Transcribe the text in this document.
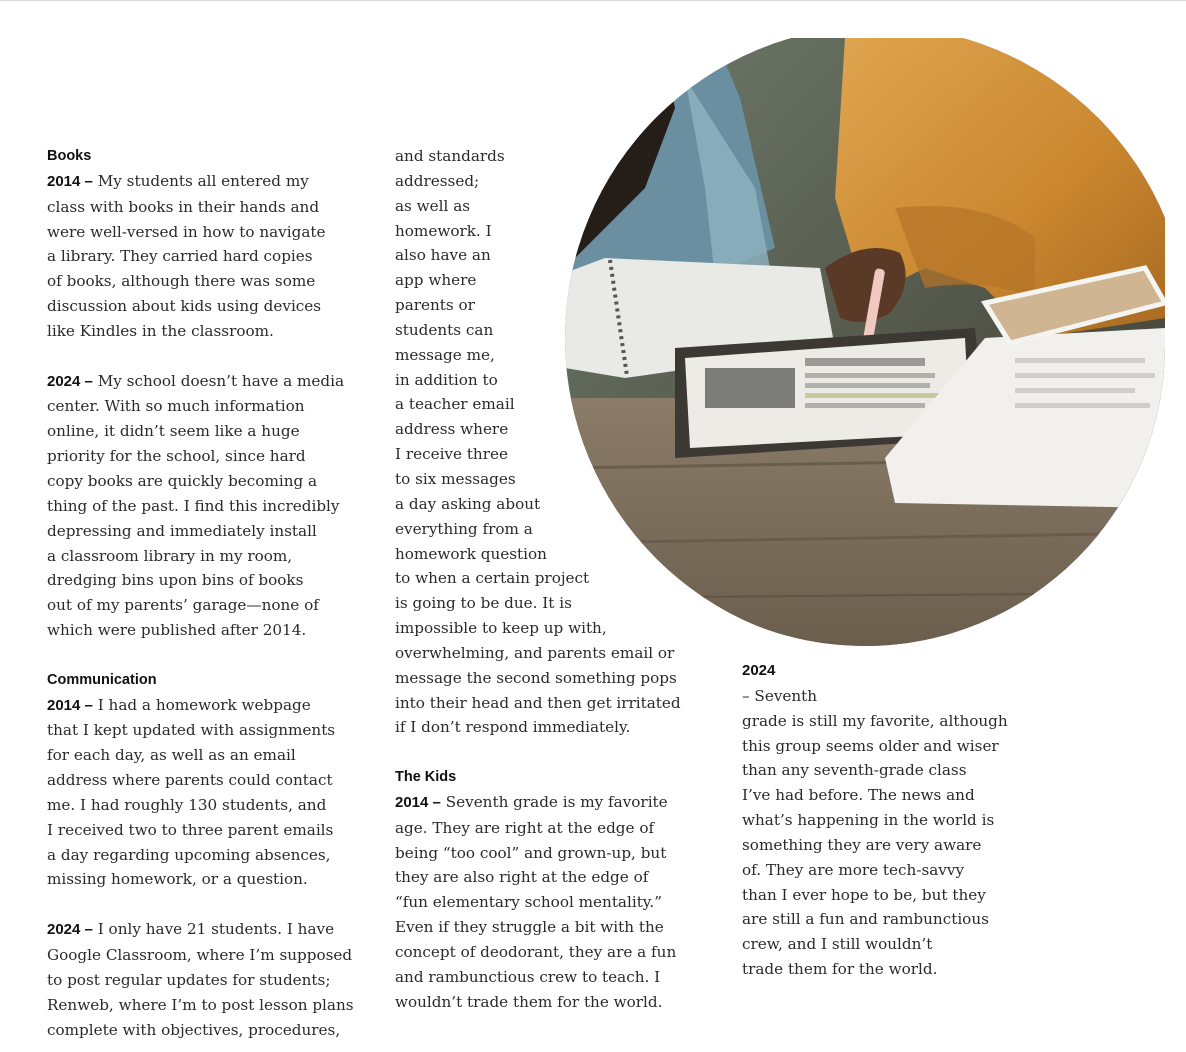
Books

2014 – My students all entered my
class with books in their hands and
were well-versed in how to navigate
a library. They carried hard copies
of books, although there was some
discussion about kids using devices
like Kindles in the classroom.

2024 – My school doesn’t have a media
center. With so much information
online, it didn’t seem like a huge
priority for the school, since hard
copy books are quickly becoming a
thing of the past. I find this incredibly
depressing and immediately install
a classroom library in my room,
dredging bins upon bins of books
out of my parents’ garage—none of
which were published after 2014.

Communication

2014 – I had a homework webpage
that I kept updated with assignments
for each day, as well as an email
address where parents could contact
me. I had roughly 130 students, and
I received two to three parent emails
a day regarding upcoming absences,
missing homework, or a question.

2024 – I only have 21 students. I have
Google Classroom, where I’m supposed
to post regular updates for students;
Renweb, where I’m to post lesson plans
complete with objectives, procedures,

and standards
addressed;
as well as
homework. I
also have an
app where
parents or
students can
message me,
in addition to
a teacher email
address where
I receive three
to six messages
a day asking about
everything from a
homework question
to when a certain project
is going to be due. It is
impossible to keep up with,
overwhelming, and parents email or
message the second something pops
into their head and then get irritated
if I don’t respond immediately.

The Kids

2014 – Seventh grade is my favorite
age. They are right at the edge of
being “too cool” and grown-up, but
they are also right at the edge of
“fun elementary school mentality.”
Even if they struggle a bit with the
concept of deodorant, they are a fun
and rambunctious crew to teach. I
wouldn’t trade them for the world.

2024
– Seventh
grade is still my favorite, although
this group seems older and wiser
than any seventh-grade class
I’ve had before. The news and
what’s happening in the world is
something they are very aware
of. They are more tech-savvy
than I ever hope to be, but they
are still a fun and rambunctious
crew, and I still wouldn’t
trade them for the world.
